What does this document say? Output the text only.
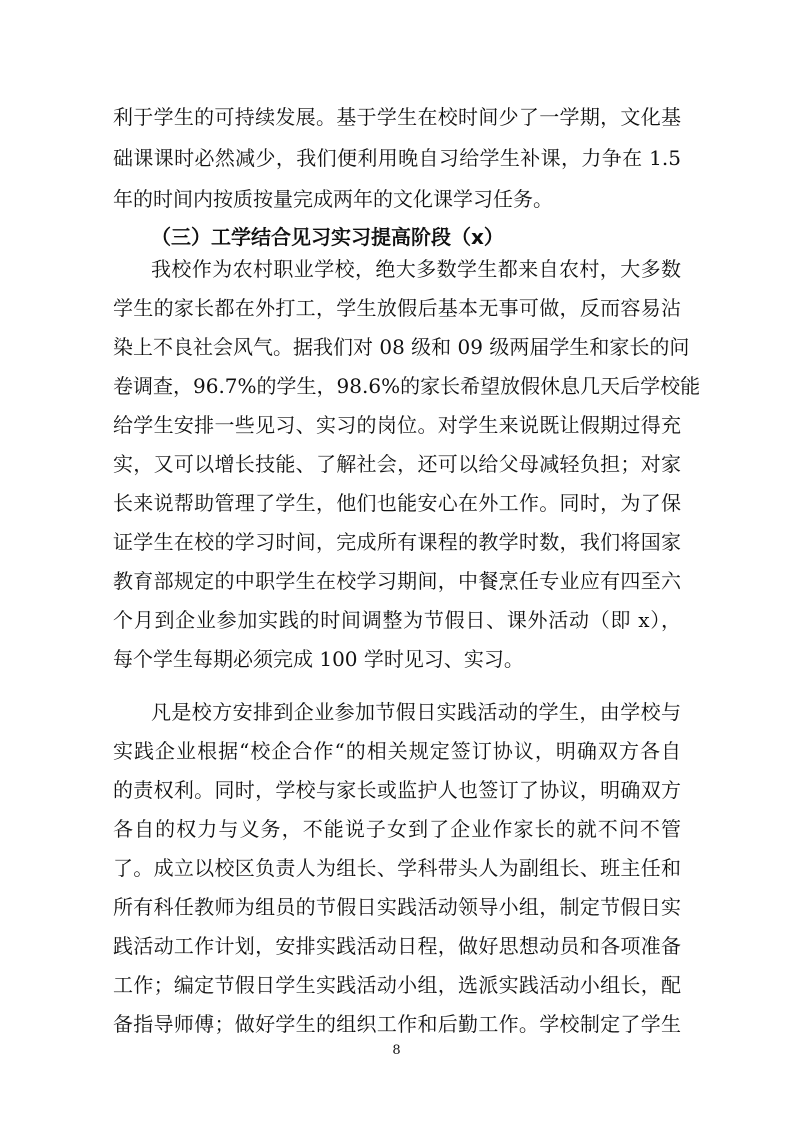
利于学生的可持续发展。基于学生在校时间少了一学期，文化基
础课课时必然减少，我们便利用晚自习给学生补课，力争在 1.5
年的时间内按质按量完成两年的文化课学习任务。
（三）工学结合见习实习提高阶段（x）
我校作为农村职业学校，绝大多数学生都来自农村，大多数
学生的家长都在外打工，学生放假后基本无事可做，反而容易沾
染上不良社会风气。据我们对 08 级和 09 级两届学生和家长的问
卷调查，96.7%的学生，98.6%的家长希望放假休息几天后学校能
给学生安排一些见习、实习的岗位。对学生来说既让假期过得充
实，又可以增长技能、了解社会，还可以给父母减轻负担；对家
长来说帮助管理了学生，他们也能安心在外工作。同时，为了保
证学生在校的学习时间，完成所有课程的教学时数，我们将国家
教育部规定的中职学生在校学习期间，中餐烹任专业应有四至六
个月到企业参加实践的时间调整为节假日、课外活动（即 x），
每个学生每期必须完成 100 学时见习、实习。
凡是校方安排到企业参加节假日实践活动的学生，由学校与
实践企业根据“校企合作“的相关规定签订协议，明确双方各自
的责权利。同时，学校与家长或监护人也签订了协议，明确双方
各自的权力与义务，不能说子女到了企业作家长的就不问不管
了。成立以校区负责人为组长、学科带头人为副组长、班主任和
所有科任教师为组员的节假日实践活动领导小组，制定节假日实
践活动工作计划，安排实践活动日程，做好思想动员和各项准备
工作；编定节假日学生实践活动小组，选派实践活动小组长，配
备指导师傅；做好学生的组织工作和后勤工作。学校制定了学生
8
